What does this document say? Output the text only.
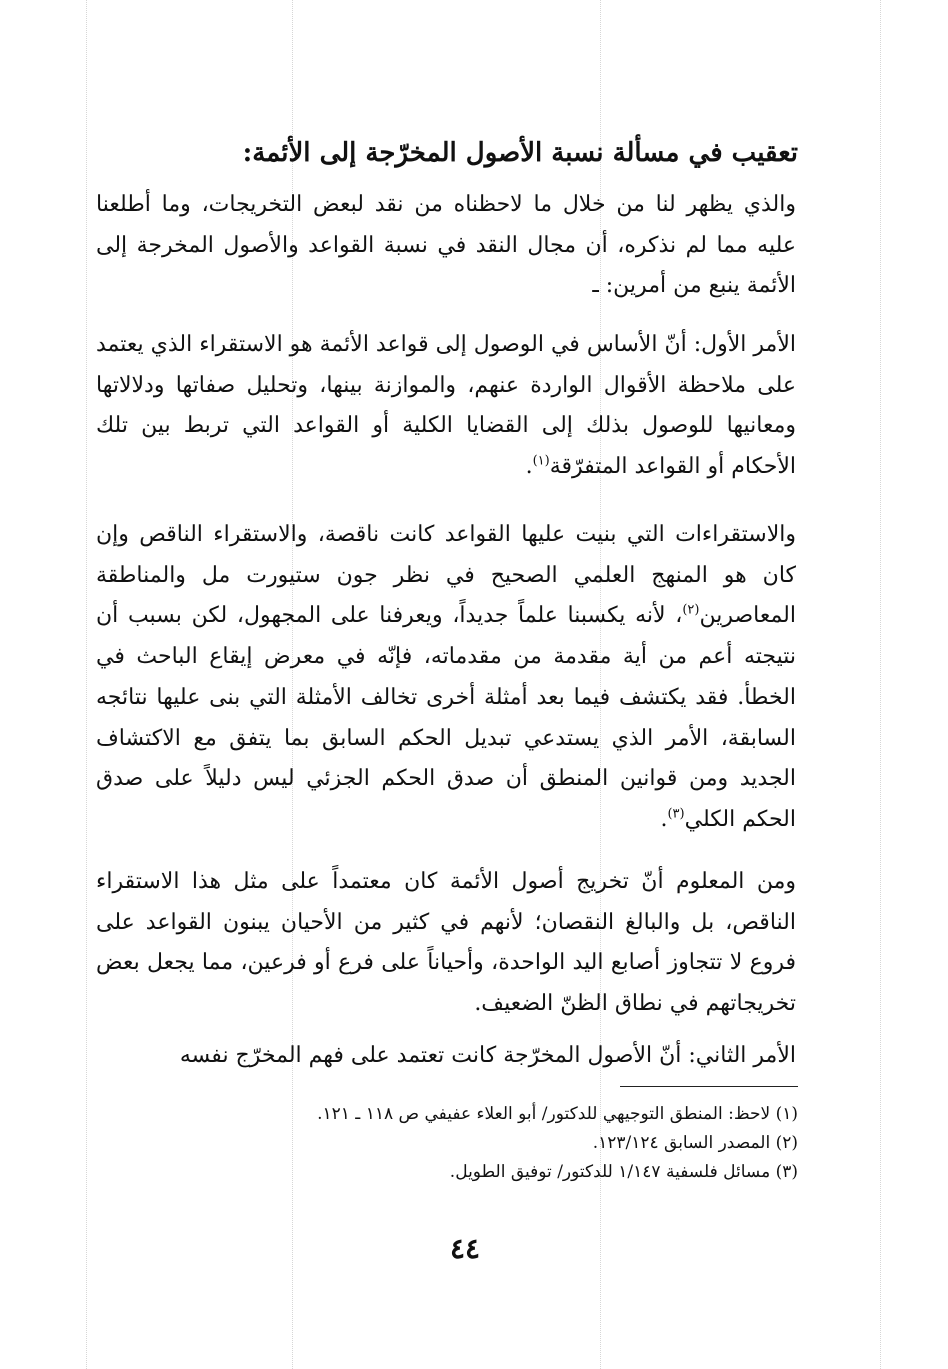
تعقيب في مسألة نسبة الأصول المخرّجة إلى الأئمة:

والذي يظهر لنا من خلال ما لاحظناه من نقد لبعض التخريجات، وما أطلعنا عليه مما لم نذكره، أن مجال النقد في نسبة القواعد والأصول المخرجة إلى الأئمة ينبع من أمرين: ـ

الأمر الأول: أنّ الأساس في الوصول إلى قواعد الأئمة هو الاستقراء الذي يعتمد على ملاحظة الأقوال الواردة عنهم، والموازنة بينها، وتحليل صفاتها ودلالاتها ومعانيها للوصول بذلك إلى القضايا الكلية أو القواعد التي تربط بين تلك الأحكام أو القواعد المتفرّقة$^{(١)}$.

والاستقراءات التي بنيت عليها القواعد كانت ناقصة، والاستقراء الناقص وإن كان هو المنهج العلمي الصحيح في نظر جون ستيورت مل والمناطقة المعاصرين$^{(٢)}$، لأنه يكسبنا علماً جديداً، ويعرفنا على المجهول، لكن بسبب أن نتيجته أعم من أية مقدمة من مقدماته، فإنّه في معرض إيقاع الباحث في الخطأ. فقد يكتشف فيما بعد أمثلة أخرى تخالف الأمثلة التي بنى عليها نتائجه السابقة، الأمر الذي يستدعي تبديل الحكم السابق بما يتفق مع الاكتشاف الجديد ومن قوانين المنطق أن صدق الحكم الجزئي ليس دليلاً على صدق الحكم الكلي$^{(٣)}$.

ومن المعلوم أنّ تخريج أصول الأئمة كان معتمداً على مثل هذا الاستقراء الناقص، بل والبالغ النقصان؛ لأنهم في كثير من الأحيان يبنون القواعد على فروع لا تتجاوز أصابع اليد الواحدة، وأحياناً على فرع أو فرعين، مما يجعل بعض تخريجاتهم في نطاق الظنّ الضعيف.

الأمر الثاني: أنّ الأصول المخرّجة كانت تعتمد على فهم المخرّج نفسه

(١) لاحظ: المنطق التوجيهي للدكتور/ أبو العلاء عفيفي ص ١١٨ ـ ١٢١.

(٢) المصدر السابق ١٢٣/١٢٤.

(٣) مسائل فلسفية ١/١٤٧ للدكتور/ توفيق الطويل.

٤٤
